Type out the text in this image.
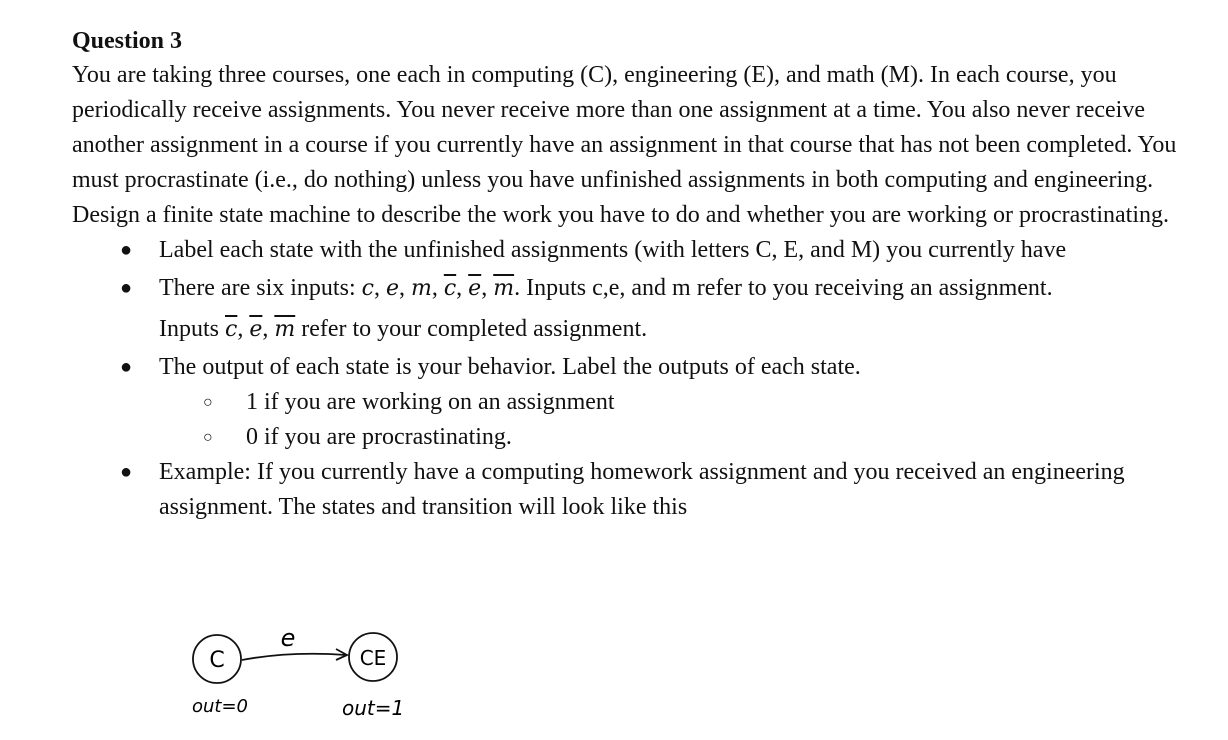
Question 3

You are taking three courses, one each in computing (C), engineering (E), and math (M). In each course, you periodically receive assignments. You never receive more than one assignment at a time. You also never receive another assignment in a course if you currently have an assignment in that course that has not been completed. You must procrastinate (i.e., do nothing) unless you have unfinished assignments in both computing and engineering.

Design a finite state machine to describe the work you have to do and whether you are working or procrastinating.

● Label each state with the unfinished assignments (with letters C, E, and M) you currently have
● There are six inputs: c, e, m, $\overline{c}$, $\overline{e}$, $\overline{m}$. Inputs c,e, and m refer to you receiving an assignment.
Inputs $\overline{c}$, $\overline{e}$, $\overline{m}$ refer to your completed assignment.
● The output of each state is your behavior. Label the outputs of each state.
○ 1 if you are working on an assignment
○ 0 if you are procrastinating.
● Example: If you currently have a computing homework assignment and you received an engineering assignment. The states and transition will look like this
C
e
CE
out=0	out=1
